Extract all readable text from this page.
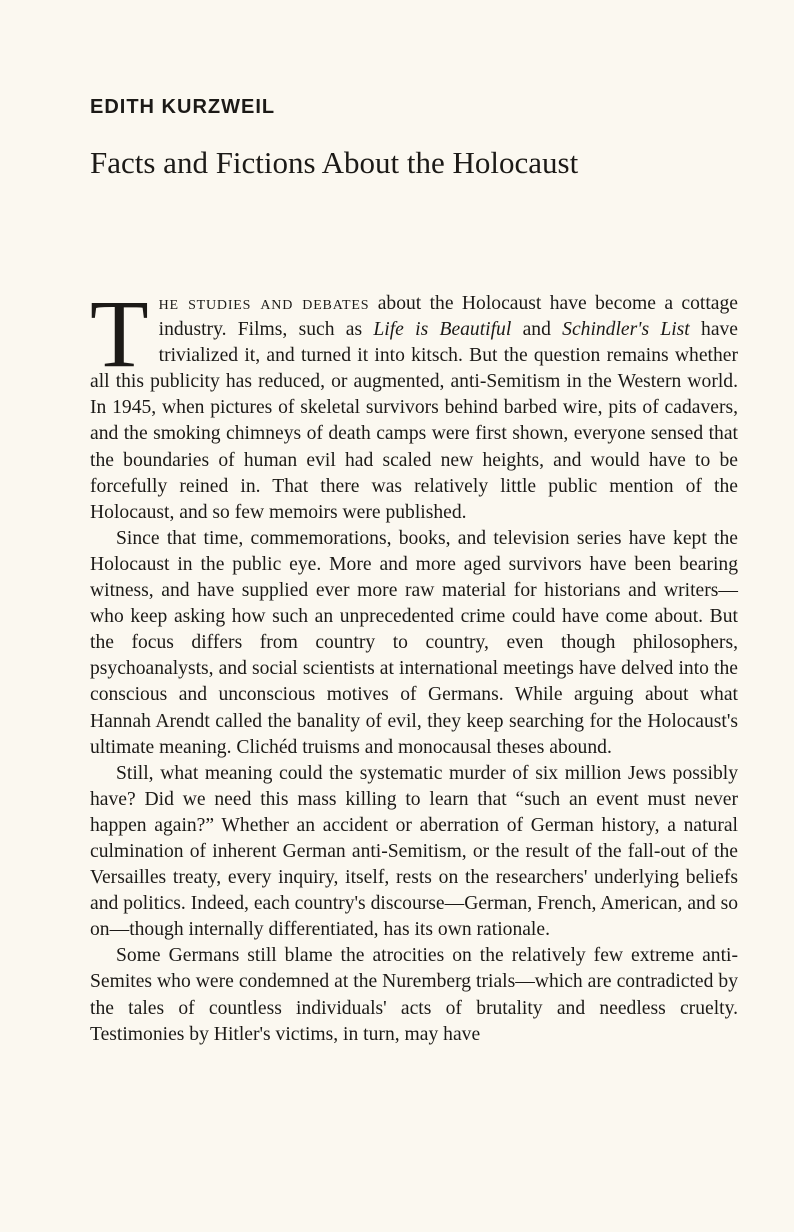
EDITH KURZWEIL
Facts and Fictions About the Holocaust

The studies and debates about the Holocaust have become a cottage industry. Films, such as Life is Beautiful and Schindler's List have trivialized it, and turned it into kitsch. But the question remains whether all this publicity has reduced, or augmented, anti-Semitism in the Western world. In 1945, when pictures of skeletal survivors behind barbed wire, pits of cadavers, and the smoking chimneys of death camps were first shown, everyone sensed that the boundaries of human evil had scaled new heights, and would have to be forcefully reined in. That there was relatively little public mention of the Holocaust, and so few memoirs were published.

Since that time, commemorations, books, and television series have kept the Holocaust in the public eye. More and more aged survivors have been bearing witness, and have supplied ever more raw material for historians and writers—who keep asking how such an unprecedented crime could have come about. But the focus differs from country to country, even though philosophers, psychoanalysts, and social scientists at international meetings have delved into the conscious and unconscious motives of Germans. While arguing about what Hannah Arendt called the banality of evil, they keep searching for the Holocaust's ultimate meaning. Clichéd truisms and monocausal theses abound.

Still, what meaning could the systematic murder of six million Jews possibly have? Did we need this mass killing to learn that “such an event must never happen again?” Whether an accident or aberration of German history, a natural culmination of inherent German anti-Semitism, or the result of the fall-out of the Versailles treaty, every inquiry, itself, rests on the researchers' underlying beliefs and politics. Indeed, each country's discourse—German, French, American, and so on—though internally differentiated, has its own rationale.

Some Germans still blame the atrocities on the relatively few extreme anti-Semites who were condemned at the Nuremberg trials—which are contradicted by the tales of countless individuals' acts of brutality and needless cruelty. Testimonies by Hitler's victims, in turn, may have
